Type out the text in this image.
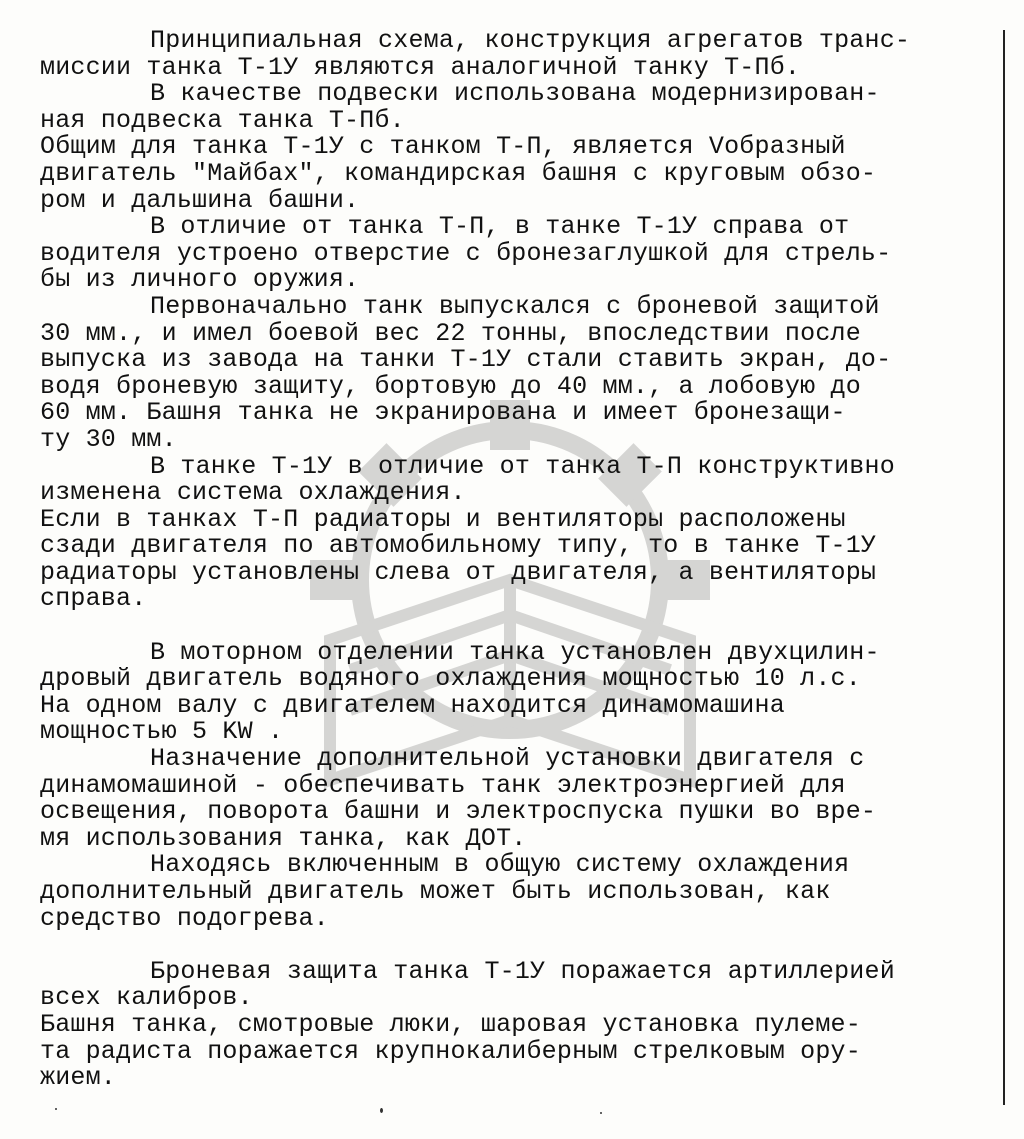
Принципиальная схема, конструкция агрегатов транс-
миссии танка Т-1У являются аналогичной танку Т-Пб.
В качестве подвески использована модернизирован-
ная подвеска танка Т-Пб.
Общим для танка Т-1У с танком Т-П, является Vобразный
двигатель "Майбах", командирская башня с круговым обзо-
ром и дальшина башни.
В отличие от танка Т-П, в танке Т-1У справа от
водителя устроено отверстие с бронезаглушкой для стрель-
бы из личного оружия.
Первоначально танк выпускался с броневой защитой
30 мм., и имел боевой вес 22 тонны, впоследствии после
выпуска из завода на танки Т-1У стали ставить экран, до-
водя броневую защиту, бортовую до 40 мм., а лобовую до
60 мм. Башня танка не экранирована и имеет бронезащи-
ту 30 мм.
В танке Т-1У в отличие от танка Т-П конструктивно
изменена система охлаждения.
Если в танках Т-П радиаторы и вентиляторы расположены
сзади двигателя по автомобильному типу, то в танке Т-1У
радиаторы установлены слева от двигателя, а вентиляторы
справа.
В моторном отделении танка установлен двухцилин-
дровый двигатель водяного охлаждения мощностью 10 л.с.
На одном валу с двигателем находится динамомашина
мощностью 5 KW .
Назначение дополнительной установки двигателя с
динамомашиной - обеспечивать танк электроэнергией для
освещения, поворота башни и электроспуска пушки во вре-
мя использования танка, как ДОТ.
Находясь включенным в общую систему охлаждения
дополнительный двигатель может быть использован, как
средство подогрева.
Броневая защита танка Т-1У поражается артиллерией
всех калибров.
Башня танка, смотровые люки, шаровая установка пулеме-
та радиста поражается крупнокалиберным стрелковым ору-
жием.
